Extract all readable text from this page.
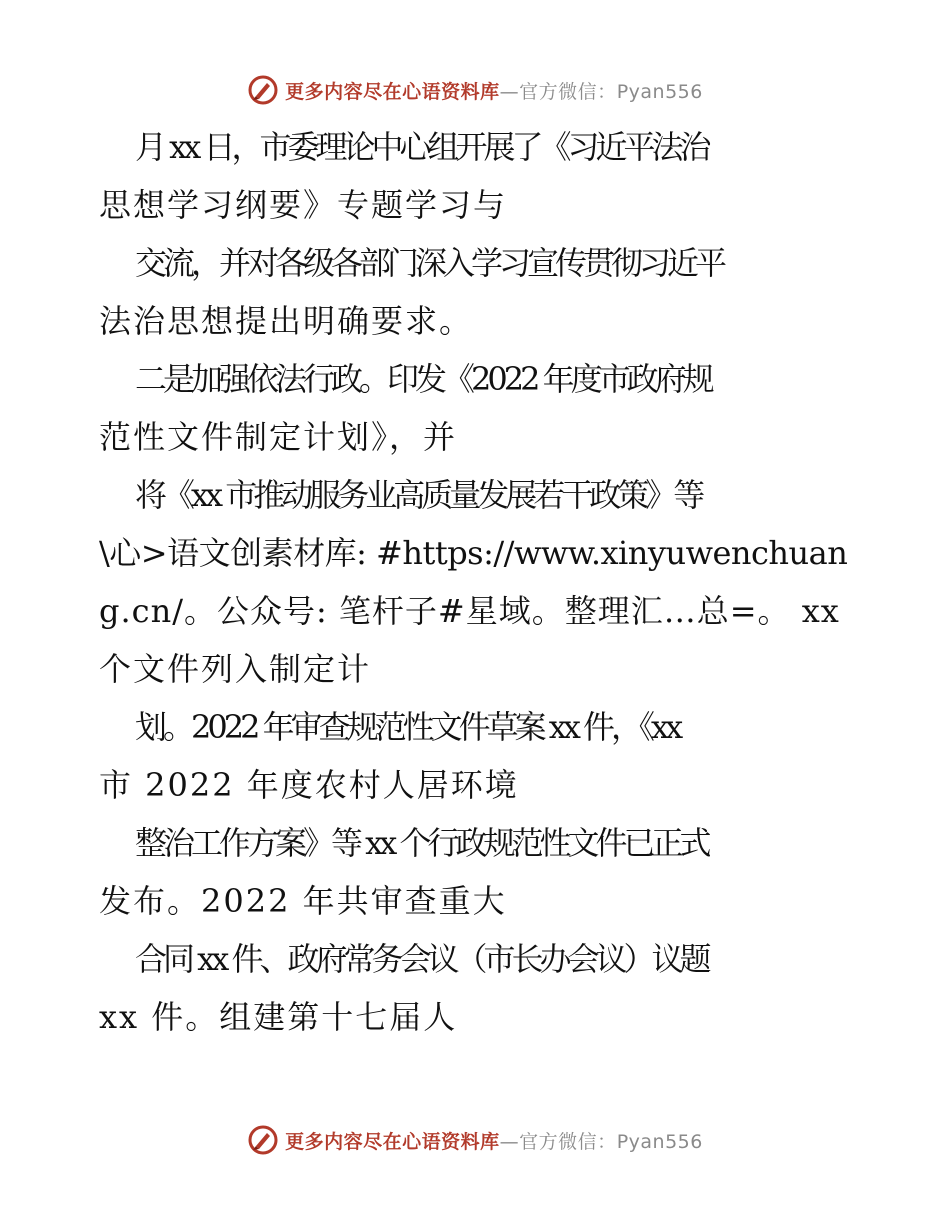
更多内容尽在心语资料库—官方微信：Pyan556
月 xx 日，市委理论中心组开展了《习近平法治
思想学习纲要》专题学习与
交流，并对各级各部门深入学习宣传贯彻习近平
法治思想提出明确要求。
二是加强依法行政。印发《2022 年度市政府规
范性文件制定计划》，并
将《xx 市推动服务业高质量发展若干政策》等
\心>语文创素材库: #https://www.xinyuwenchuan
g.cn/。公众号: 笔杆子#星域。整理汇…总=。 xx
个文件列入制定计
划。2022 年审查规范性文件草案 xx 件，《xx
市 2022 年度农村人居环境
整治工作方案》等 xx 个行政规范性文件已正式
发布。2022 年共审查重大
合同 xx 件、政府常务会议（市长办会议）议题
xx 件。组建第十七届人
更多内容尽在心语资料库—官方微信：Pyan556
